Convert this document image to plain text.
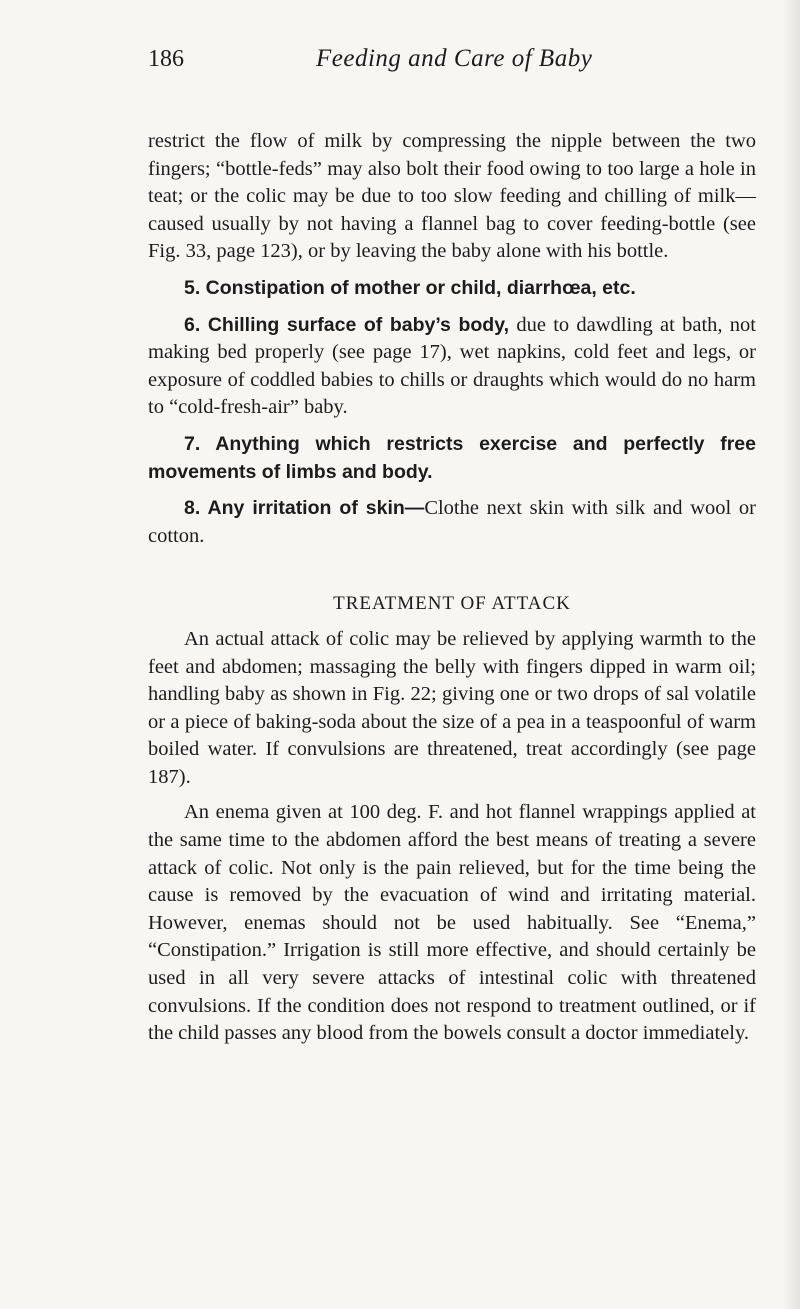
186	Feeding and Care of Baby

restrict the flow of milk by compressing the nipple between the two fingers; “bottle-feds” may also bolt their food owing to too large a hole in teat; or the colic may be due to too slow feeding and chilling of milk—caused usually by not having a flannel bag to cover feeding-bottle (see Fig. 33, page 123), or by leaving the baby alone with his bottle.

5. Constipation of mother or child, diarrhœa, etc.

6. Chilling surface of baby’s body, due to dawdling at bath, not making bed properly (see page 17), wet napkins, cold feet and legs, or exposure of coddled babies to chills or draughts which would do no harm to “cold-fresh-air” baby.

7. Anything which restricts exercise and perfectly free movements of limbs and body.

8. Any irritation of skin—Clothe next skin with silk and wool or cotton.

TREATMENT OF ATTACK

An actual attack of colic may be relieved by applying warmth to the feet and abdomen; massaging the belly with fingers dipped in warm oil; handling baby as shown in Fig. 22; giving one or two drops of sal volatile or a piece of baking-soda about the size of a pea in a teaspoonful of warm boiled water. If convulsions are threatened, treat accordingly (see page 187).

An enema given at 100 deg. F. and hot flannel wrappings applied at the same time to the abdomen afford the best means of treating a severe attack of colic. Not only is the pain relieved, but for the time being the cause is removed by the evacuation of wind and irritating material. However, enemas should not be used habitually. See “Enema,” “Constipation.” Irrigation is still more effective, and should certainly be used in all very severe attacks of intestinal colic with threatened convulsions. If the condition does not respond to treatment outlined, or if the child passes any blood from the bowels consult a doctor immediately.
